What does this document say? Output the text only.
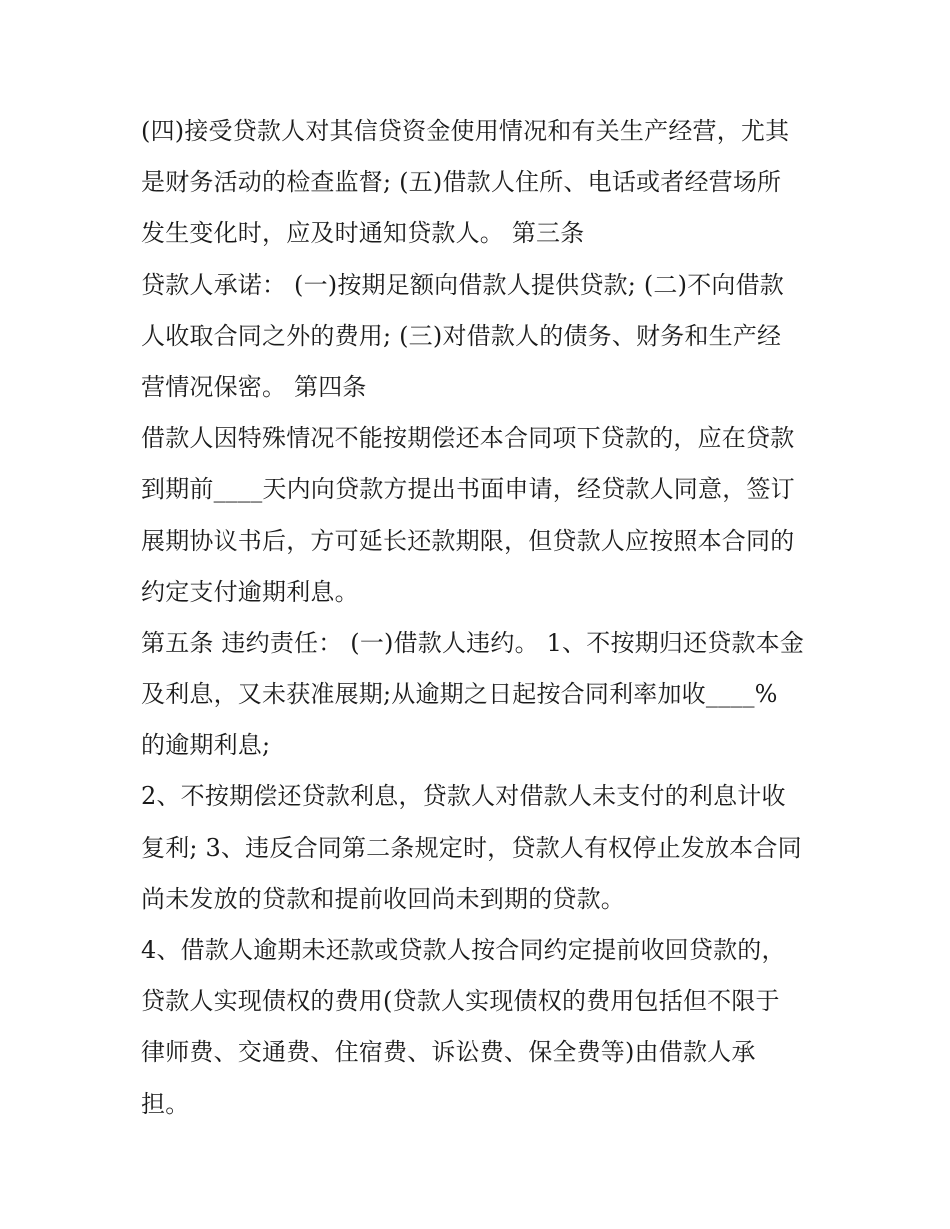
(四)接受贷款人对其信贷资金使用情况和有关生产经营，尤其
是财务活动的检查监督; (五)借款人住所、电话或者经营场所
发生变化时，应及时通知贷款人。 第三条
贷款人承诺： (一)按期足额向借款人提供贷款; (二)不向借款
人收取合同之外的费用; (三)对借款人的债务、财务和生产经
营情况保密。 第四条
借款人因特殊情况不能按期偿还本合同项下贷款的，应在贷款
到期前____天内向贷款方提出书面申请，经贷款人同意，签订
展期协议书后，方可延长还款期限，但贷款人应按照本合同的
约定支付逾期利息。
第五条 违约责任： (一)借款人违约。 1、不按期归还贷款本金
及利息，又未获准展期;从逾期之日起按合同利率加收____%
的逾期利息;
2、不按期偿还贷款利息，贷款人对借款人未支付的利息计收
复利; 3、违反合同第二条规定时，贷款人有权停止发放本合同
尚未发放的贷款和提前收回尚未到期的贷款。
4、借款人逾期未还款或贷款人按合同约定提前收回贷款的，
贷款人实现债权的费用(贷款人实现债权的费用包括但不限于
律师费、交通费、住宿费、诉讼费、保全费等)由借款人承
担。
